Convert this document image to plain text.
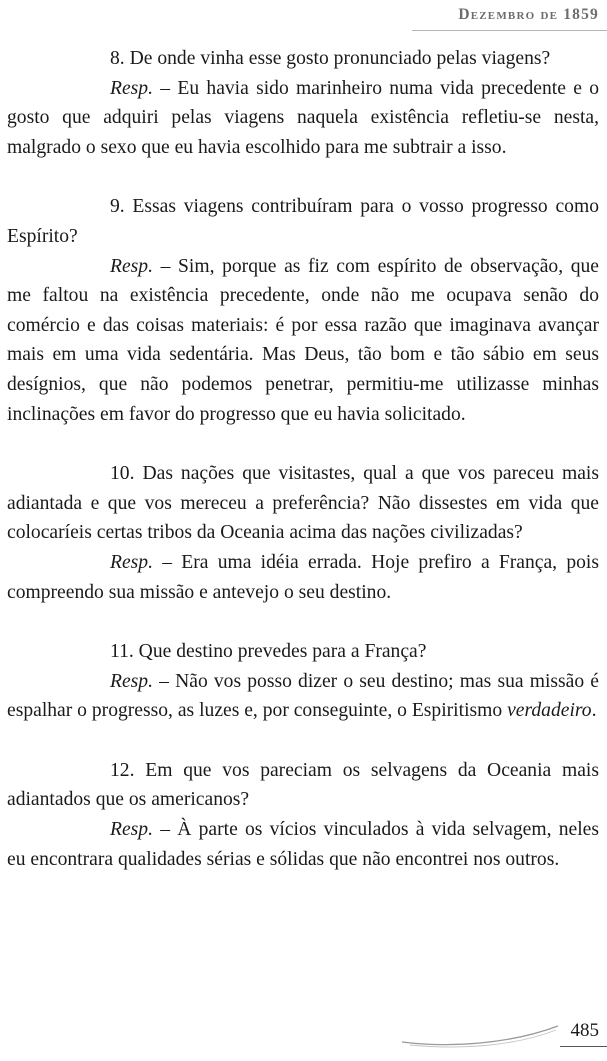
Dezembro de 1859

8. De onde vinha esse gosto pronunciado pelas viagens?

Resp. – Eu havia sido marinheiro numa vida precedente e o gosto que adquiri pelas viagens naquela existência refletiu-se nesta, malgrado o sexo que eu havia escolhido para me subtrair a isso.

9. Essas viagens contribuíram para o vosso progresso como Espírito?

Resp. – Sim, porque as fiz com espírito de observação, que me faltou na existência precedente, onde não me ocupava senão do comércio e das coisas materiais: é por essa razão que imaginava avançar mais em uma vida sedentária. Mas Deus, tão bom e tão sábio em seus desígnios, que não podemos penetrar, permitiu-me utilizasse minhas inclinações em favor do progresso que eu havia solicitado.

10. Das nações que visitastes, qual a que vos pareceu mais adiantada e que vos mereceu a preferência? Não dissestes em vida que colocaríeis certas tribos da Oceania acima das nações civilizadas?

Resp. – Era uma idéia errada. Hoje prefiro a França, pois compreendo sua missão e antevejo o seu destino.

11. Que destino prevedes para a França?

Resp. – Não vos posso dizer o seu destino; mas sua missão é espalhar o progresso, as luzes e, por conseguinte, o Espiritismo verdadeiro.

12. Em que vos pareciam os selvagens da Oceania mais adiantados que os americanos?

Resp. – À parte os vícios vinculados à vida selvagem, neles eu encontrara qualidades sérias e sólidas que não encontrei nos outros.

485
